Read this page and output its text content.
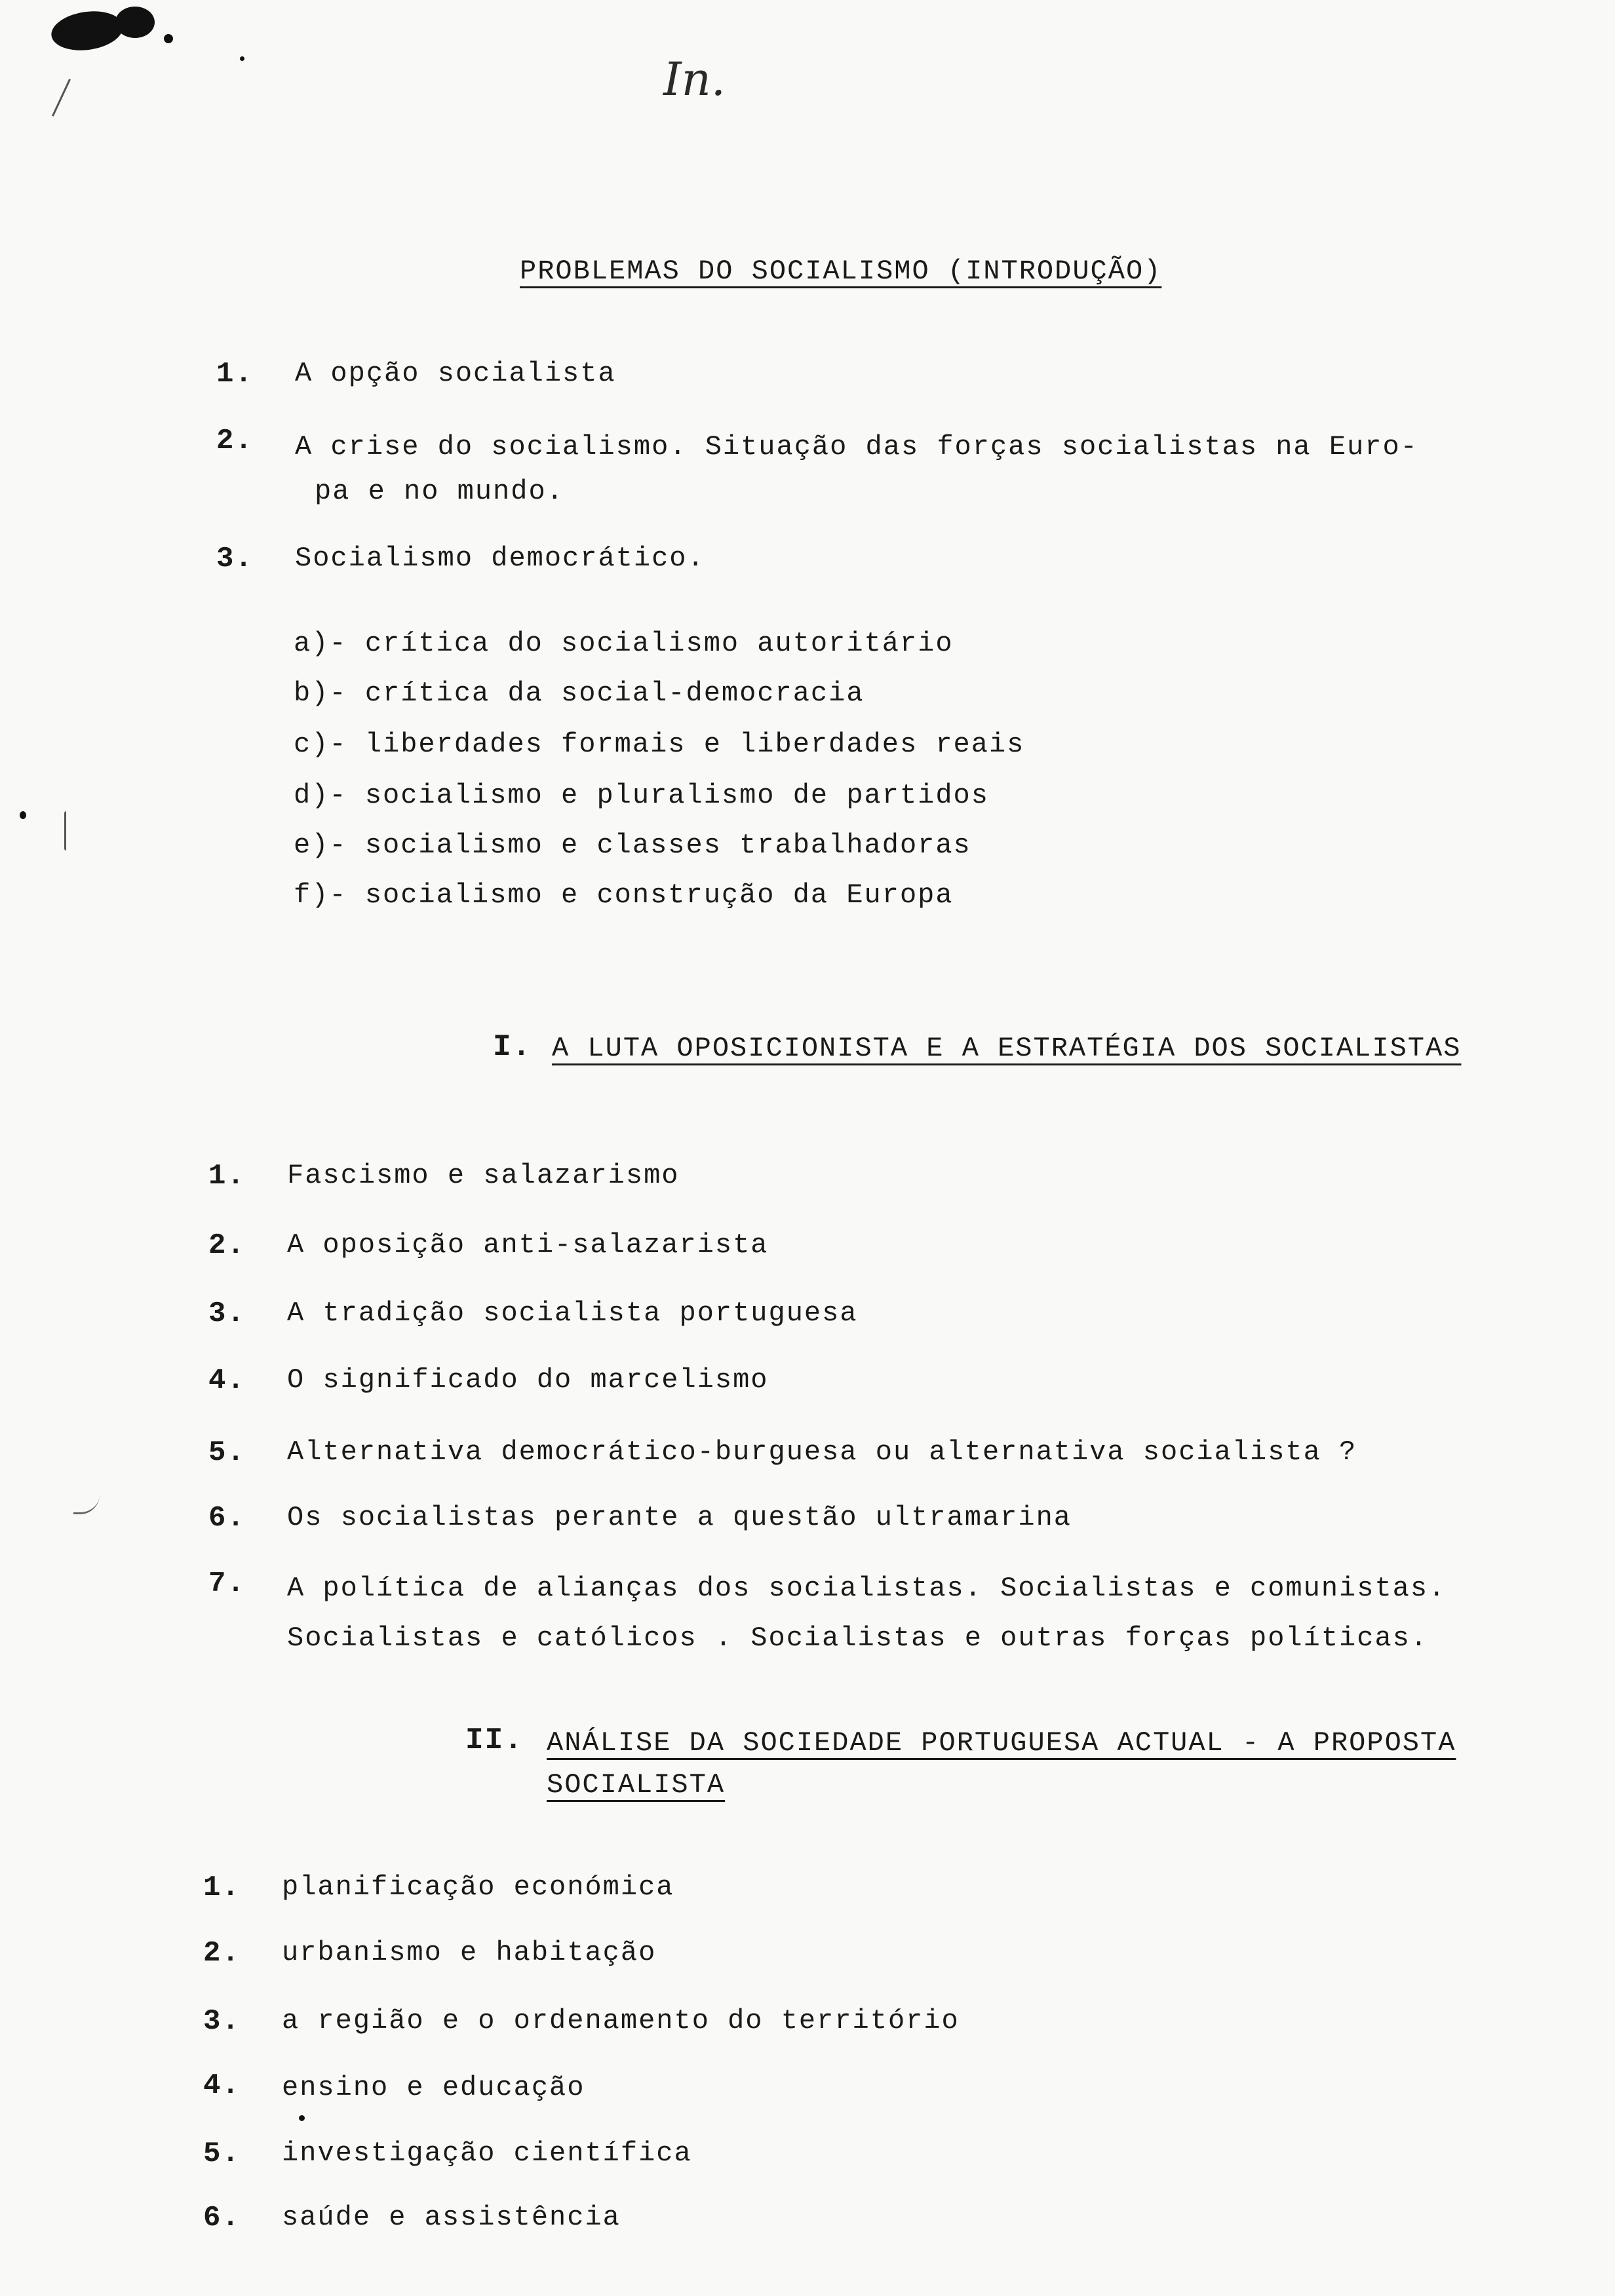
In.
PROBLEMAS DO SOCIALISMO (INTRODUÇÃO)
1. A opção socialista
2. A crise do socialismo. Situação das forças socialistas na Euro-
pa e no mundo.
3. Socialismo democrático.
a)- crítica do socialismo autoritário
b)- crítica da social-democracia
c)- liberdades formais e liberdades reais
d)- socialismo e pluralismo de partidos
e)- socialismo e classes trabalhadoras
f)- socialismo e construção da Europa
I. A LUTA OPOSICIONISTA E A ESTRATÉGIA DOS SOCIALISTAS
1. Fascismo e salazarismo
2. A oposição anti-salazarista
3. A tradição socialista portuguesa
4. O significado do marcelismo
5. Alternativa democrático-burguesa ou alternativa socialista ?
6. Os socialistas perante a questão ultramarina
7. A política de alianças dos socialistas. Socialistas e comunistas.
Socialistas e católicos . Socialistas e outras forças políticas.
II. ANÁLISE DA SOCIEDADE PORTUGUESA ACTUAL - A PROPOSTA
SOCIALISTA
1. planificação económica
2. urbanismo e habitação
3. a região e o ordenamento do território
4. ensino e educação
5. investigação científica
6. saúde e assistência
